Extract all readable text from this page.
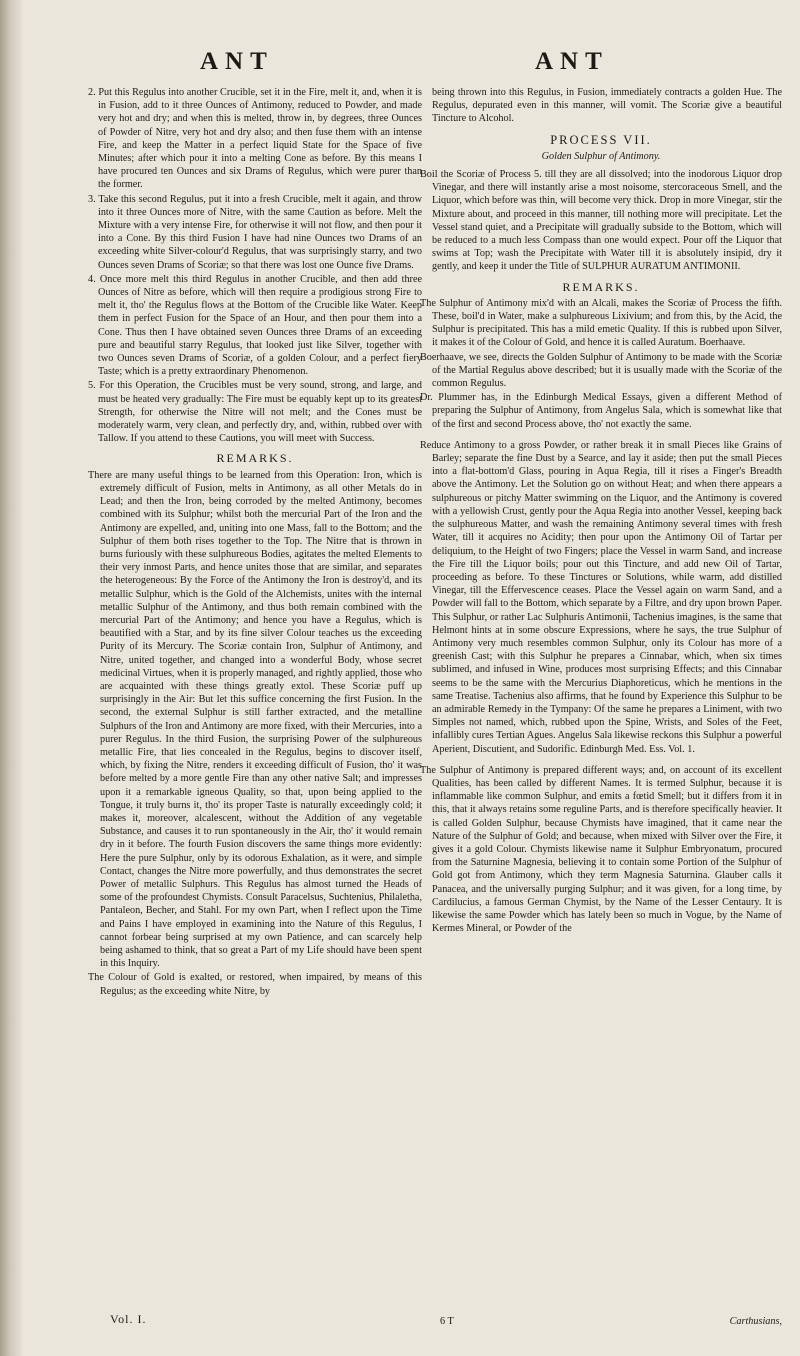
ANT	ANT

2. Put this Regulus into another Crucible, set it in the Fire, melt it, and, when it is in Fusion, add to it three Ounces of Antimony, reduced to Powder, and made very hot and dry; and when this is melted, throw in, by degrees, three Ounces of Powder of Nitre, very hot and dry also; and then fuse them with an intense Fire, and keep the Matter in a perfect liquid State for the Space of five Minutes; after which pour it into a melting Cone as before. By this means I have procured ten Ounces and six Drams of Regulus, which were purer than the former.

3. Take this second Regulus, put it into a fresh Crucible, melt it again, and throw into it three Ounces more of Nitre, with the same Caution as before. Melt the Mixture with a very intense Fire, for otherwise it will not flow, and then pour it into a Cone. By this third Fusion I have had nine Ounces two Drams of an exceeding white Silver-colour'd Regulus, that was surprisingly starry, and two Ounces seven Drams of Scoriæ; so that there was lost one Ounce five Drams.

4. Once more melt this third Regulus in another Crucible, and then add three Ounces of Nitre as before, which will then require a prodigious strong Fire to melt it, tho' the Regulus flows at the Bottom of the Crucible like Water. Keep them in perfect Fusion for the Space of an Hour, and then pour them into a Cone. Thus then I have obtained seven Ounces three Drams of an exceeding pure and beautiful starry Regulus, that looked just like Silver, together with two Ounces seven Drams of Scoriæ, of a golden Colour, and a perfect fiery Taste; which is a pretty extraordinary Phenomenon.

5. For this Operation, the Crucibles must be very sound, strong, and large, and must be heated very gradually: The Fire must be equably kept up to its greatest Strength, for otherwise the Nitre will not melt; and the Cones must be moderately warm, very clean, and perfectly dry, and, within, rubbed over with Tallow. If you attend to these Cautions, you will meet with Success.

REMARKS.

There are many useful things to be learned from this Operation: Iron, which is extremely difficult of Fusion, melts in Antimony, as all other Metals do in Lead; and then the Iron, being corroded by the melted Antimony, becomes combined with its Sulphur; whilst both the mercurial Part of the Iron and the Antimony are expelled, and, uniting into one Mass, fall to the Bottom; and the Sulphur of them both rises together to the Top. The Nitre that is thrown in burns furiously with these sulphureous Bodies, agitates the melted Elements to their very inmost Parts, and hence unites those that are similar, and separates the heterogeneous: By the Force of the Antimony the Iron is destroy'd, and its metallic Sulphur, which is the Gold of the Alchemists, unites with the internal metallic Sulphur of the Antimony, and thus both remain combined with the mercurial Part of the Antimony; and hence you have a Regulus, which is beautified with a Star, and by its fine silver Colour teaches us the exceeding Purity of its Mercury. The Scoriæ contain Iron, Sulphur of Antimony, and Nitre, united together, and changed into a wonderful Body, whose secret medicinal Virtues, when it is properly managed, and rightly applied, those who are acquainted with these things greatly extol. These Scoriæ puff up surprisingly in the Air: But let this suffice concerning the first Fusion. In the second, the external Sulphur is still farther extracted, and the metalline Sulphurs of the Iron and Antimony are more fixed, with their Mercuries, into a purer Regulus. In the third Fusion, the surprising Power of the sulphureous metallic Fire, that lies concealed in the Regulus, begins to discover itself, which, by fixing the Nitre, renders it exceeding difficult of Fusion, tho' it was before melted by a more gentle Fire than any other native Salt; and impresses upon it a remarkable igneous Quality, so that, upon being applied to the Tongue, it truly burns it, tho' its proper Taste is naturally exceedingly cold; it makes it, moreover, alcalescent, without the Addition of any vegetable Substance, and causes it to run spontaneously in the Air, tho' it would remain dry in it before. The fourth Fusion discovers the same things more evidently: Here the pure Sulphur, only by its odorous Exhalation, as it were, and simple Contact, changes the Nitre more powerfully, and thus demonstrates the secret Power of metallic Sulphurs. This Regulus has almost turned the Heads of some of the profoundest Chymists. Consult Paracelsus, Suchtenius, Philaletha, Pantaleon, Becher, and Stahl. For my own Part, when I reflect upon the Time and Pains I have employed in examining into the Nature of this Regulus, I cannot forbear being surprised at my own Patience, and can scarcely help being ashamed to think, that so great a Part of my Life should have been spent in this Inquiry.

The Colour of Gold is exalted, or restored, when impaired, by means of this Regulus; as the exceeding white Nitre, by

being thrown into this Regulus, in Fusion, immediately contracts a golden Hue. The Regulus, depurated even in this manner, will vomit. The Scoriæ give a beautiful Tincture to Alcohol.

PROCESS VII.
Golden Sulphur of Antimony.

Boil the Scoriæ of Process 5. till they are all dissolved; into the inodorous Liquor drop Vinegar, and there will instantly arise a most noisome, stercoraceous Smell, and the Liquor, which before was thin, will become very thick. Drop in more Vinegar, stir the Mixture about, and proceed in this manner, till nothing more will precipitate. Let the Vessel stand quiet, and a Precipitate will gradually subside to the Bottom, which will be reduced to a much less Compass than one would expect. Pour off the Liquor that swims at Top; wash the Precipitate with Water till it is absolutely insipid, dry it gently, and keep it under the Title of SULPHUR AURATUM ANTIMONII.

REMARKS.

The Sulphur of Antimony mix'd with an Alcali, makes the Scoriæ of Process the fifth. These, boil'd in Water, make a sulphureous Lixivium; and from this, by the Acid, the Sulphur is precipitated. This has a mild emetic Quality. If this is rubbed upon Silver, it makes it of the Colour of Gold, and hence it is called Auratum. Boerhaave.

Boerhaave, we see, directs the Golden Sulphur of Antimony to be made with the Scoriæ of the Martial Regulus above described; but it is usually made with the Scoriæ of the common Regulus.

Dr. Plummer has, in the Edinburgh Medical Essays, given a different Method of preparing the Sulphur of Antimony, from Angelus Sala, which is somewhat like that of the first and second Process above, tho' not exactly the same.

Reduce Antimony to a gross Powder, or rather break it in small Pieces like Grains of Barley; separate the fine Dust by a Searce, and lay it aside; then put the small Pieces into a flat-bottom'd Glass, pouring in Aqua Regia, till it rises a Finger's Breadth above the Antimony. Let the Solution go on without Heat; and when there appears a sulphureous or pitchy Matter swimming on the Liquor, and the Antimony is covered with a yellowish Crust, gently pour the Aqua Regia into another Vessel, keeping back the sulphureous Matter, and wash the remaining Antimony several times with fresh Water, till it acquires no Acidity; then pour upon the Antimony Oil of Tartar per deliquium, to the Height of two Fingers; place the Vessel in warm Sand, and increase the Fire till the Liquor boils; pour out this Tincture, and add new Oil of Tartar, proceeding as before. To these Tinctures or Solutions, while warm, add distilled Vinegar, till the Effervescence ceases. Place the Vessel again on warm Sand, and a Powder will fall to the Bottom, which separate by a Filtre, and dry upon brown Paper. This Sulphur, or rather Lac Sulphuris Antimonii, Tachenius imagines, is the same that Helmont hints at in some obscure Expressions, where he says, the true Sulphur of Antimony very much resembles common Sulphur, only its Colour has more of a greenish Cast; with this Sulphur he prepares a Cinnabar, which, when six times sublimed, and infused in Wine, produces most surprising Effects; and this Cinnabar seems to be the same with the Mercurius Diaphoreticus, which he mentions in the same Treatise. Tachenius also affirms, that he found by Experience this Sulphur to be an admirable Remedy in the Tympany: Of the same he prepares a Liniment, with two Simples not named, which, rubbed upon the Spine, Wrists, and Soles of the Feet, infallibly cures Tertian Agues. Angelus Sala likewise reckons this Sulphur a powerful Aperient, Discutient, and Sudorific. Edinburgh Med. Ess. Vol. 1.

The Sulphur of Antimony is prepared different ways; and, on account of its excellent Qualities, has been called by different Names. It is termed Sulphur, because it is inflammable like common Sulphur, and emits a fœtid Smell; but it differs from it in this, that it always retains some reguline Parts, and is therefore specifically heavier. It is called Golden Sulphur, because Chymists have imagined, that it came near the Nature of the Sulphur of Gold; and because, when mixed with Silver over the Fire, it gives it a gold Colour. Chymists likewise name it Sulphur Embryonatum, procured from the Saturnine Magnesia, believing it to contain some Portion of the Sulphur of Gold got from Antimony, which they term Magnesia Saturnina. Glauber calls it Panacea, and the universally purging Sulphur; and it was given, for a long time, by Cardilucius, a famous German Chymist, by the Name of the Lesser Centaury. It is likewise the same Powder which has lately been so much in Vogue, by the Name of Kermes Mineral, or Powder of the

Vol. I.	6 T	Carthusians,
